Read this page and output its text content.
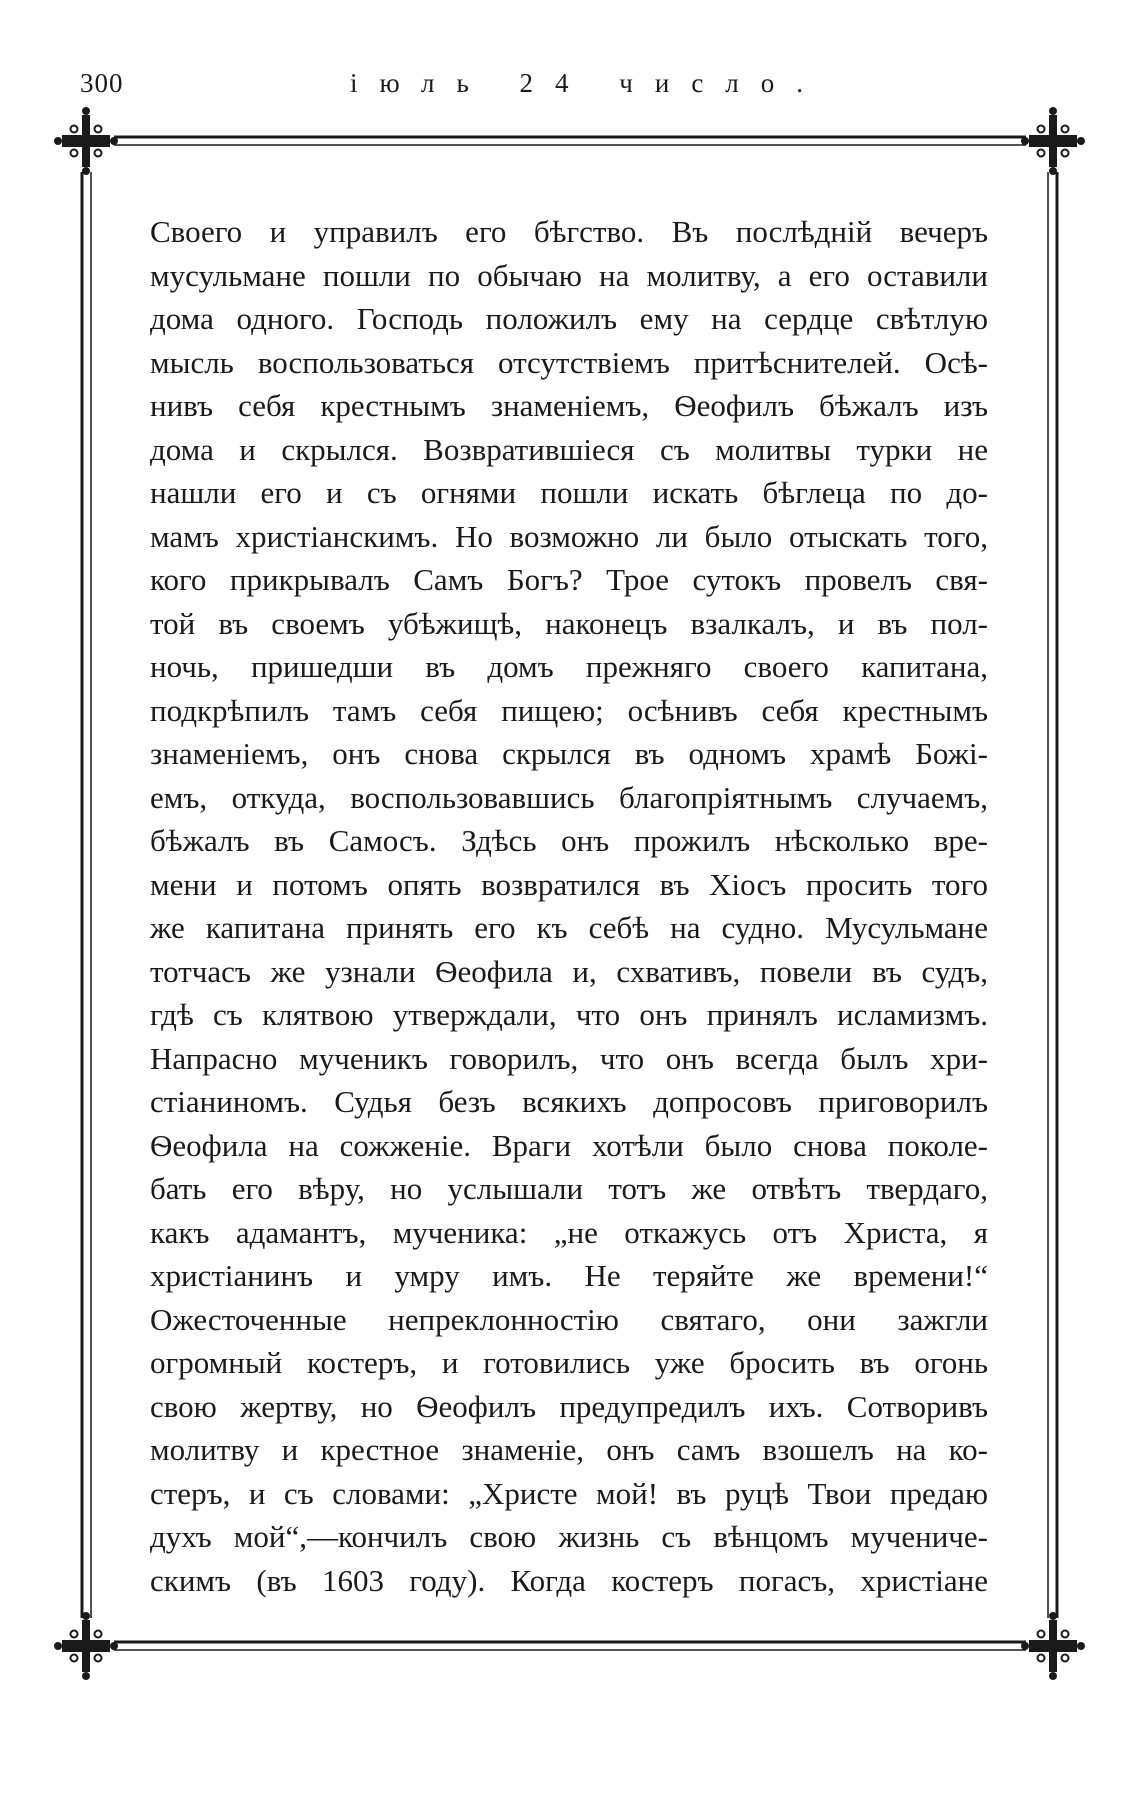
300	іюль 24 числo.
Своего и управилъ его бѣгство. Въ послѣдній вечеръ
мусульмане пошли по обычаю на молитву, а его оставили
дома одного. Господь положилъ ему на сердце свѣтлую
мысль воспользоваться отсутствіемъ притѣснителей. Осѣ-
нивъ себя крестнымъ знаменіемъ, Ѳеофилъ бѣжалъ изъ
дома и скрылся. Возвратившіеся съ молитвы турки не
нашли его и съ огнями пошли искать бѣглеца по до-
мамъ христіанскимъ. Но возможно ли было отыскать того,
кого прикрывалъ Самъ Богъ? Трое сутокъ провелъ свя-
той въ своемъ убѣжищѣ, наконецъ взалкалъ, и въ пол-
ночь, пришедши въ домъ прежняго своего капитана,
подкрѣпилъ тамъ себя пищею; осѣнивъ себя крестнымъ
знаменіемъ, онъ снова скрылся въ одномъ храмѣ Божі-
емъ, откуда, воспользовавшись благопріятнымъ случаемъ,
бѣжалъ въ Самосъ. Здѣсь онъ прожилъ нѣсколько вре-
мени и потомъ опять возвратился въ Хіосъ просить того
же капитана принять его къ себѣ на судно. Мусульмане
тотчасъ же узнали Ѳеофила и, схвативъ, повели въ судъ,
гдѣ съ клятвою утверждали, что онъ принялъ исламизмъ.
Напрасно мученикъ говорилъ, что онъ всегда былъ хри-
стіаниномъ. Судья безъ всякихъ допросовъ приговорилъ
Ѳеофила на сожженіе. Враги хотѣли было снова поколе-
бать его вѣру, но услышали тотъ же отвѣтъ твердаго,
какъ адамантъ, мученика: „не откажусь отъ Христа, я
христіанинъ и умру имъ. Не теряйте же времени!“
Ожесточенные непреклонностію святаго, они зажгли
огромный костеръ, и готовились уже бросить въ огонь
свою жертву, но Ѳеофилъ предупредилъ ихъ. Сотворивъ
молитву и крестное знаменіе, онъ самъ взошелъ на ко-
стеръ, и съ словами: „Христе мой! въ руцѣ Твои предаю
духъ мой“,—кончилъ свою жизнь съ вѣнцомъ мучениче-
скимъ (въ 1603 году). Когда костеръ погасъ, христіане
